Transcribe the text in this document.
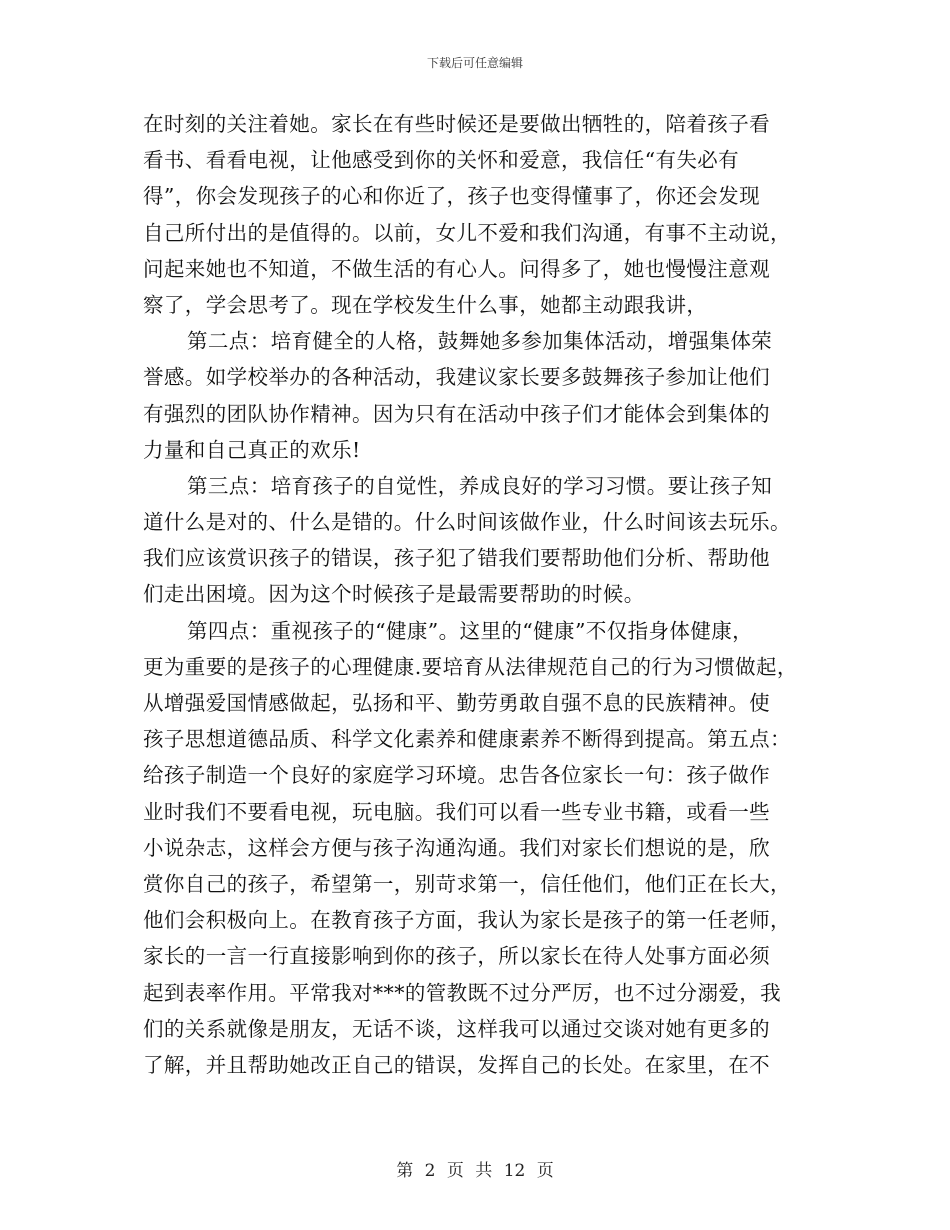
下载后可任意编辑
在时刻的关注着她。家长在有些时候还是要做出牺牲的，陪着孩子看
看书、看看电视，让他感受到你的关怀和爱意，我信任“有失必有
得”，你会发现孩子的心和你近了，孩子也变得懂事了，你还会发现
自己所付出的是值得的。以前，女儿不爱和我们沟通，有事不主动说，
问起来她也不知道，不做生活的有心人。问得多了，她也慢慢注意观
察了，学会思考了。现在学校发生什么事，她都主动跟我讲，
第二点：培育健全的人格，鼓舞她多参加集体活动，增强集体荣
誉感。如学校举办的各种活动，我建议家长要多鼓舞孩子参加让他们
有强烈的团队协作精神。因为只有在活动中孩子们才能体会到集体的
力量和自己真正的欢乐!
第三点：培育孩子的自觉性，养成良好的学习习惯。要让孩子知
道什么是对的、什么是错的。什么时间该做作业，什么时间该去玩乐。
我们应该赏识孩子的错误，孩子犯了错我们要帮助他们分析、帮助他
们走出困境。因为这个时候孩子是最需要帮助的时候。
第四点：重视孩子的“健康”。这里的“健康”不仅指身体健康，
更为重要的是孩子的心理健康.要培育从法律规范自己的行为习惯做起，
从增强爱国情感做起，弘扬和平、勤劳勇敢自强不息的民族精神。使
孩子思想道德品质、科学文化素养和健康素养不断得到提高。第五点：
给孩子制造一个良好的家庭学习环境。忠告各位家长一句：孩子做作
业时我们不要看电视，玩电脑。我们可以看一些专业书籍，或看一些
小说杂志，这样会方便与孩子沟通沟通。我们对家长们想说的是，欣
赏你自己的孩子，希望第一，别苛求第一，信任他们，他们正在长大，
他们会积极向上。在教育孩子方面，我认为家长是孩子的第一任老师，
家长的一言一行直接影响到你的孩子，所以家长在待人处事方面必须
起到表率作用。平常我对***的管教既不过分严厉，也不过分溺爱，我
们的关系就像是朋友，无话不谈，这样我可以通过交谈对她有更多的
了解，并且帮助她改正自己的错误，发挥自己的长处。在家里，在不
第 2 页 共 12 页
